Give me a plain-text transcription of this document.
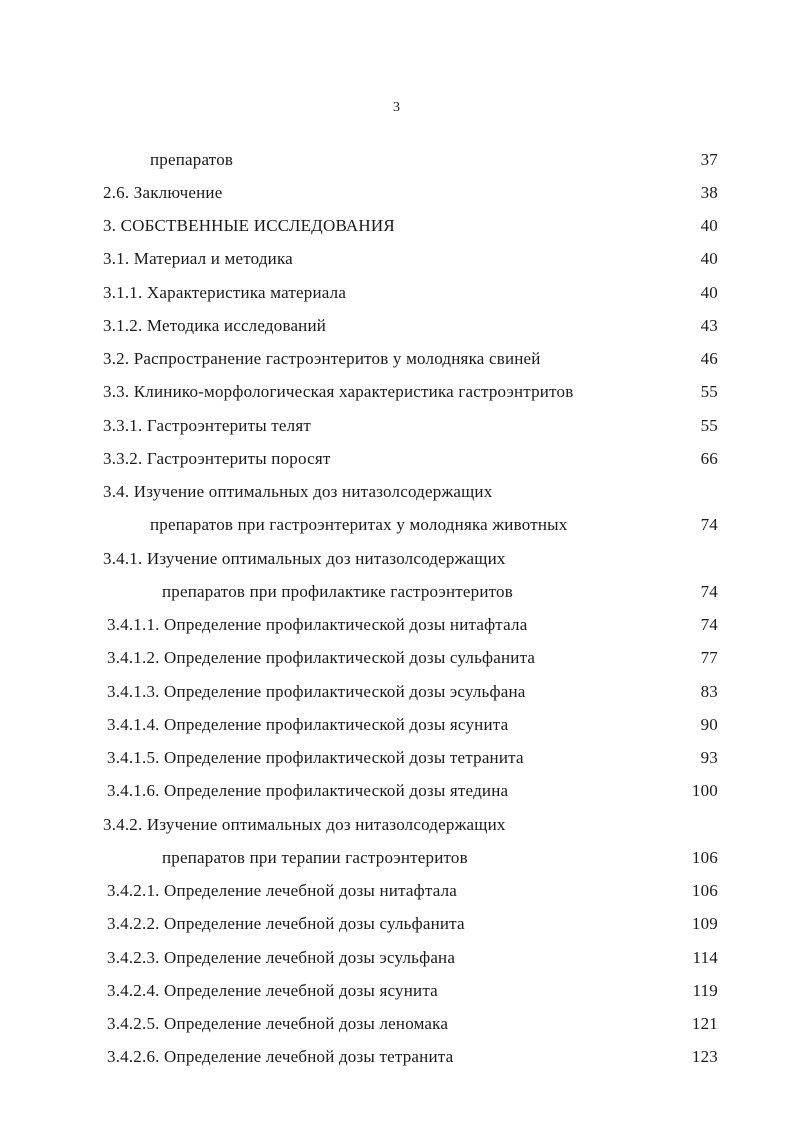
3
препаратов	37
2.6. Заключение	38
3. СОБСТВЕННЫЕ ИССЛЕДОВАНИЯ	40
3.1. Материал и методика	40
3.1.1. Характеристика материала	40
3.1.2. Методика исследований	43
3.2. Распространение гастроэнтеритов у молодняка свиней	46
3.3. Клинико-морфологическая характеристика гастроэнтритов	55
3.3.1. Гастроэнтериты телят	55
3.3.2. Гастроэнтериты поросят	66
3.4. Изучение оптимальных доз нитазолсодержащих
препаратов при гастроэнтеритах у молодняка животных	74
3.4.1. Изучение оптимальных доз нитазолсодержащих
препаратов при профилактике гастроэнтеритов	74
3.4.1.1. Определение профилактической дозы нитафтала	74
3.4.1.2. Определение профилактической дозы сульфанита	77
3.4.1.3. Определение профилактической дозы эсульфана	83
3.4.1.4. Определение профилактической дозы ясунита	90
3.4.1.5. Определение профилактической дозы тетранита	93
3.4.1.6. Определение профилактической дозы ятедина	100
3.4.2. Изучение оптимальных доз нитазолсодержащих
препаратов при терапии гастроэнтеритов	106
3.4.2.1. Определение лечебной дозы нитафтала	106
3.4.2.2. Определение лечебной дозы сульфанита	109
3.4.2.3. Определение лечебной дозы эсульфана	114
3.4.2.4. Определение лечебной дозы ясунита	119
3.4.2.5. Определение лечебной дозы леномака	121
3.4.2.6. Определение лечебной дозы тетранита	123
